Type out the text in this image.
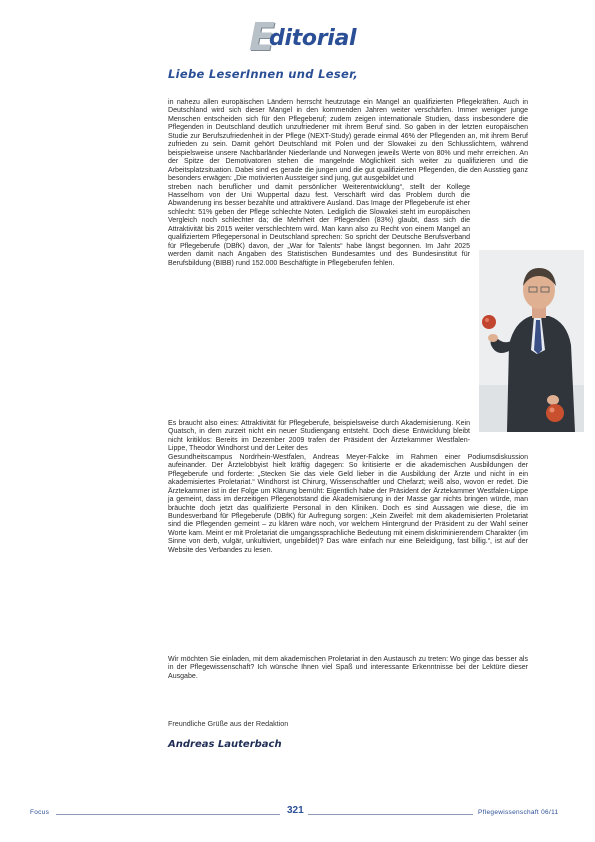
E
ditorial
Liebe LeserInnen und Leser,
in nahezu allen europäischen Ländern herrscht heutzutage ein Mangel an qualifizierten Pflegekräften. Auch in Deutschland wird sich dieser Mangel in den kommenden Jahren weiter verschärfen. Immer weniger junge Menschen entscheiden sich für den Pflegeberuf; zudem zeigen internationale Studien, dass insbesondere die Pflegenden in Deutschland deutlich unzufriedener mit ihrem Beruf sind. So gaben in der letzten europäischen Studie zur Berufszufriedenheit in der Pflege (NEXT-Study) gerade einmal 46% der Pflegenden an, mit ihrem Beruf zufrieden zu sein. Damit gehört Deutschland mit Polen und der Slowakei zu den Schlusslichtern, während beispielsweise unsere Nachbarländer Niederlande und Norwegen jeweils Werte von 80% und mehr erreichen. An der Spitze der Demotivatoren stehen die mangelnde Möglichkeit sich weiter zu qualifizieren und die Arbeitsplatzsituation. Dabei sind es gerade die jungen und die gut qualifizierten Pflegenden, die den Ausstieg ganz besonders erwägen: „Die motivierten Aussteiger sind jung, gut ausgebildet und
streben nach beruflicher und damit persönlicher Weiterentwicklung“, stellt der Kollege Hasselhorn von der Uni Wuppertal dazu fest. Verschärft wird das Problem durch die Abwanderung ins besser bezahlte und attraktivere Ausland. Das Image der Pflegeberufe ist eher schlecht: 51% geben der Pflege schlechte Noten. Lediglich die Slowakei steht im europäischen Vergleich noch schlechter da; die Mehrheit der Pflegenden (83%) glaubt, dass sich die Attraktivität bis 2015 weiter verschlechtern wird. Man kann also zu Recht von einem Mangel an qualifiziertem Pflegepersonal in Deutschland sprechen: So spricht der Deutsche Berufsverband für Pflegeberufe (DBfK) davon, der „War for Talents“ habe längst begonnen. Im Jahr 2025 werden damit nach Angaben des Statistischen Bundesamtes und des Bundesinstitut für Berufsbildung (BIBB) rund 152.000 Beschäftigte in Pflegeberufen fehlen.
Es braucht also eines: Attraktivität für Pflegeberufe, beispielsweise durch Akademisierung. Kein Quatsch, in dem zurzeit nicht ein neuer Studiengang entsteht. Doch diese Entwicklung bleibt nicht kritiklos: Bereits im Dezember 2009 trafen der Präsident der Ärztekammer Westfalen-Lippe, Theodor Windhorst und der Leiter des
Gesundheitscampus Nordrhein-Westfalen, Andreas Meyer-Falcke im Rahmen einer Podiumsdiskussion aufeinander. Der Ärztelobbyist hielt kräftig dagegen: So kritisierte er die akademischen Ausbildungen der Pflegeberufe und forderte: „Stecken Sie das viele Geld lieber in die Ausbildung der Ärzte und nicht in ein akademisiertes Proletariat.“ Windhorst ist Chirurg, Wissenschaftler und Chefarzt; weiß also, wovon er redet. Die Ärztekammer ist in der Folge um Klärung bemüht: Eigentlich habe der Präsident der Ärztekammer Westfalen-Lippe ja gemeint, dass im derzeitigen Pflegenotstand die Akademisierung in der Masse gar nichts bringen würde, man bräuchte doch jetzt das qualifizierte Personal in den Kliniken. Doch es sind Aussagen wie diese, die im Bundesverband für Pflegeberufe (DBfK) für Aufregung sorgen: „Kein Zweifel: mit dem akademisierten Proletariat sind die Pflegenden gemeint – zu klären wäre noch, vor welchem Hintergrund der Präsident zu der Wahl seiner Worte kam. Meint er mit Proletariat die umgangssprachliche Bedeutung mit einem diskriminierendem Charakter (im Sinne von derb, vulgär, unkultiviert, ungebildet)? Das wäre einfach nur eine Beleidigung, fast billig.“, ist auf der Website des Verbandes zu lesen.
Wir möchten Sie einladen, mit dem akademischen Proletariat in den Austausch zu treten: Wo ginge das besser als in der Pflegewissenschaft? Ich wünsche Ihnen viel Spaß und interessante Erkenntnisse bei der Lektüre dieser Ausgabe.
Freundliche Grüße aus der Redaktion
Andreas Lauterbach
Focus	321	Pflegewissenschaft 06/11
